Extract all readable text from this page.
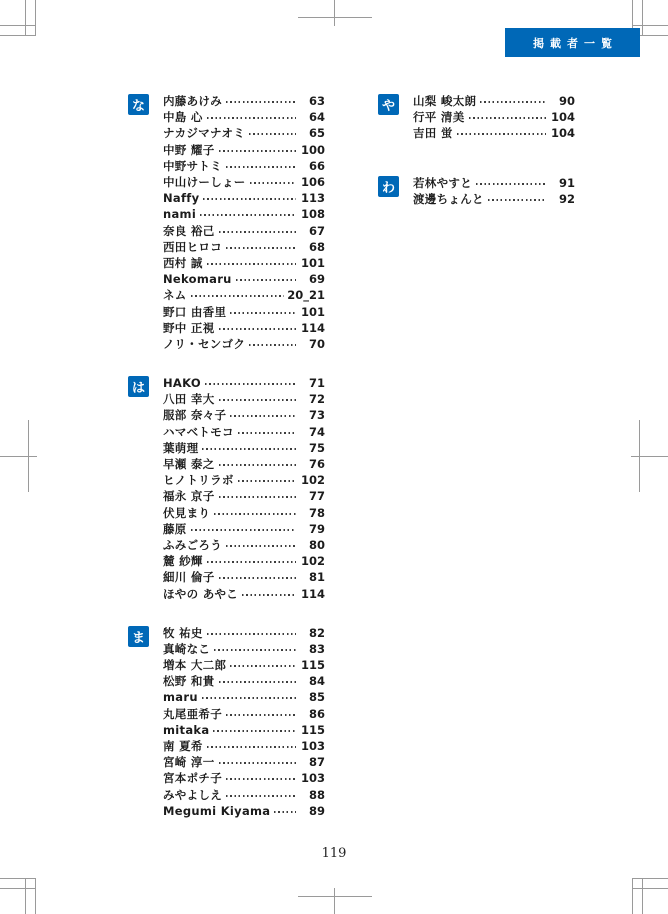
掲載者一覧
な	内藤あけみ	63
中島 心	64
ナカジマナオミ	65
中野 耀子	100
中野サトミ	66
中山けーしょー	106
Naffy	113
nami	108
奈良 裕己	67
西田ヒロコ	68
西村 誠	101
Nekomaru	69
ネム	20_21
野口 由香里	101
野中 正視	114
ノリ・センゴク	70
は	HAKO	71
八田 幸大	72
服部 奈々子	73
ハマベトモコ	74
葉萌理	75
早瀬 泰之	76
ヒノトリラボ	102
福永 京子	77
伏見まり	78
藤原	79
ふみごろう	80
麓 紗輝	102
細川 倫子	81
ほやの あやこ	114
ま	牧 祐史	82
真崎なこ	83
増本 大二郎	115
松野 和貴	84
maru	85
丸尾亜希子	86
mitaka	115
南 夏希	103
宮崎 淳一	87
宮本ポチ子	103
みやよしえ	88
Megumi Kiyama	89
や	山梨 峻太朗	90
行平 清美	104
吉田 蛍	104
わ	若林やすと	91
渡邊ちょんと	92
119
